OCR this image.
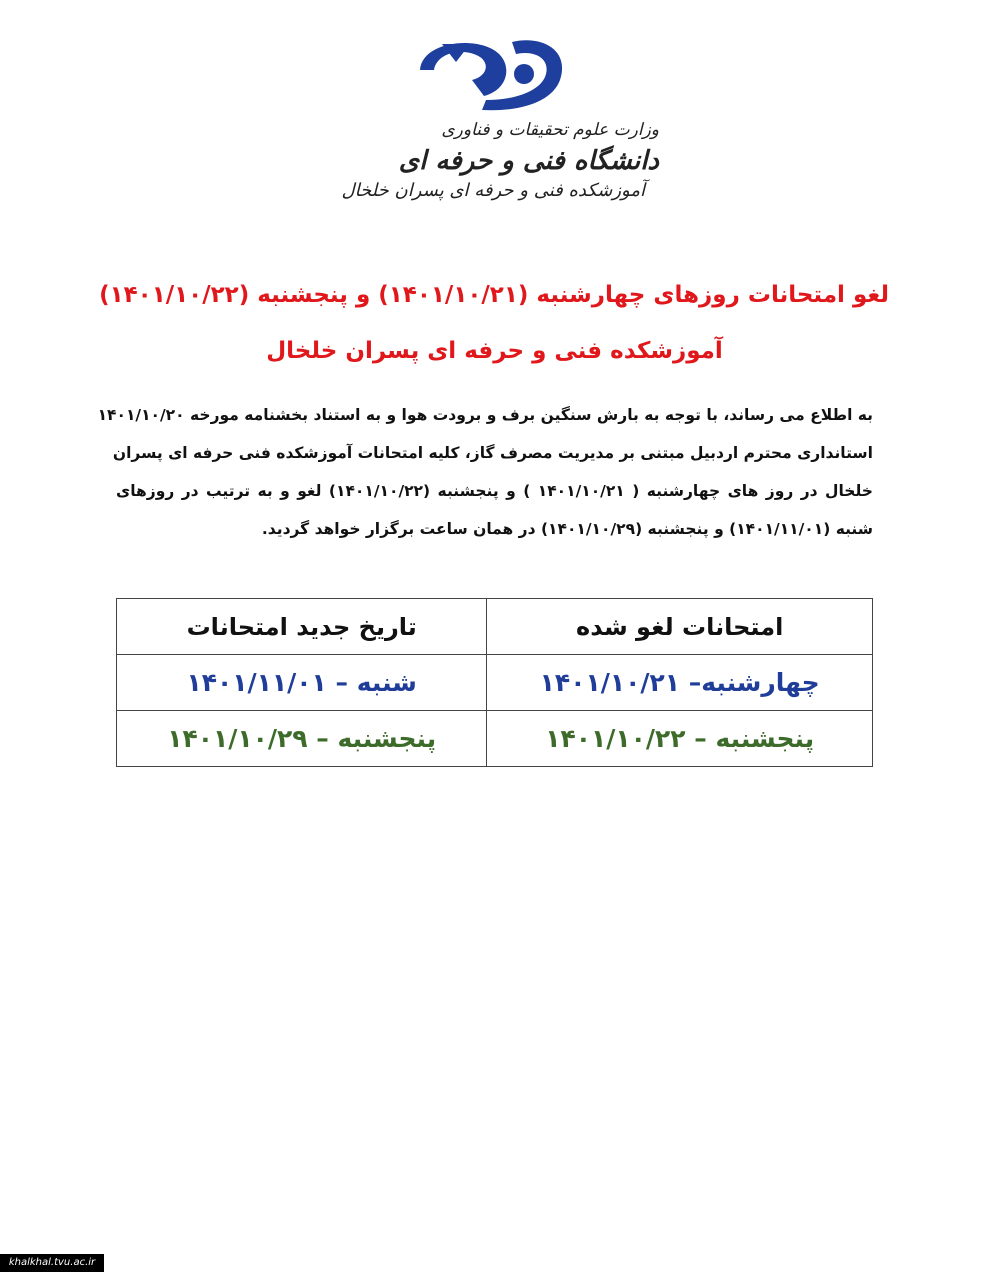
وزارت علوم تحقیقات و فناوری
دانشگاه فنی و حرفه ای
آموزشکده فنی و حرفه ای پسران خلخال
لغو امتحانات روزهای چهارشنبه (۱۴۰۱/۱۰/۲۱) و پنجشنبه (۱۴۰۱/۱۰/۲۲)
آموزشکده فنی و حرفه ای پسران خلخال
به اطلاع می رساند، با توجه به بارش سنگین برف و برودت هوا و به استناد بخشنامه مورخه ۱۴۰۱/۱۰/۲۰
استانداری محترم اردبیل مبتنی بر مدیریت مصرف گاز، کلیه امتحانات آموزشکده فنی حرفه ای پسران
خلخال در روز های چهارشنبه ( ۱۴۰۱/۱۰/۲۱ ) و پنجشنبه (۱۴۰۱/۱۰/۲۲) لغو و به ترتیب در روزهای
شنبه (۱۴۰۱/۱۱/۰۱) و پنجشنبه (۱۴۰۱/۱۰/۲۹) در همان ساعت برگزار خواهد گردید.
امتحانات لغو شده	تاریخ جدید امتحانات
چهارشنبه– ۱۴۰۱/۱۰/۲۱	شنبه – ۱۴۰۱/۱۱/۰۱
پنجشنبه – ۱۴۰۱/۱۰/۲۲	پنجشنبه – ۱۴۰۱/۱۰/۲۹
khalkhal.tvu.ac.ir
